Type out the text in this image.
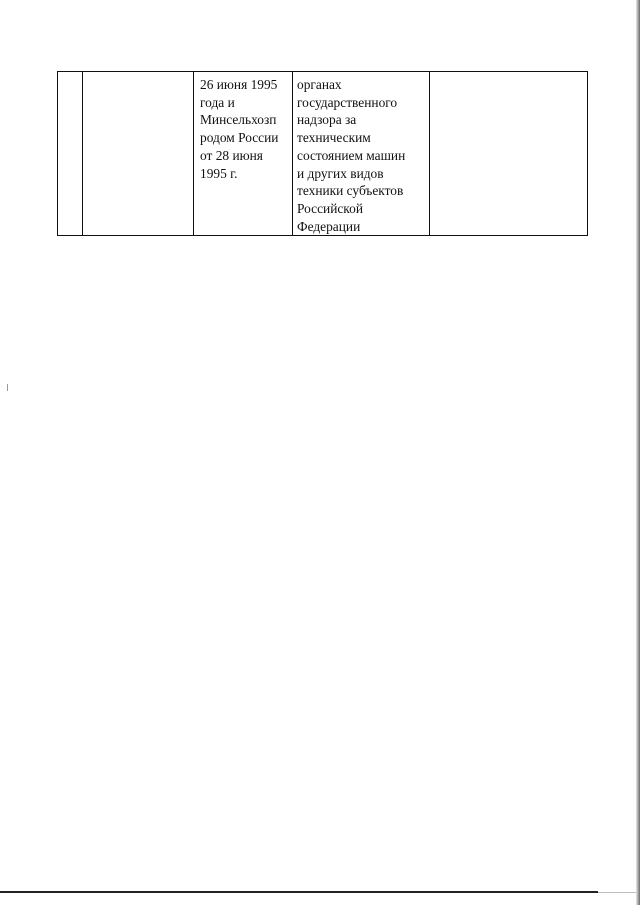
26 июня 1995
года и
Минсельхозп
родом России
от 28 июня
1995 г.
органах
государственного
надзора за
техническим
состоянием машин
и других видов
техники субъектов
Российской
Федерации
